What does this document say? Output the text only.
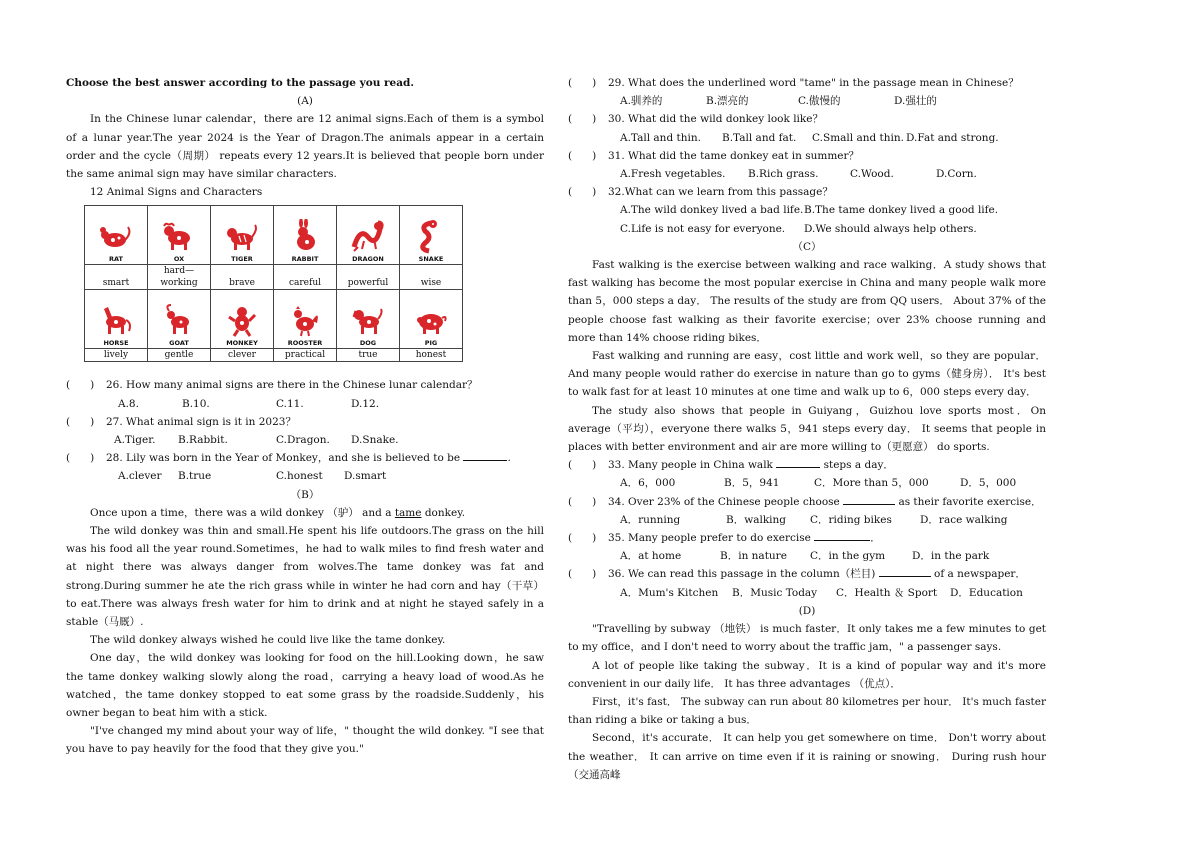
Choose the best answer according to the passage you read.

(A)

In the Chinese lunar calendar，there are 12 animal signs.Each of them is a symbol of a lunar year.The year 2024 is the Year of Dragon.The animals appear in a certain order and the cycle（周期） repeats every 12 years.It is believed that people born under the same animal sign may have similar characters.

12 Animal Signs and Characters

RAT	OX	TIGER	RABBIT	DRAGON	SNAKE

smart	hard—working	brave	careful	powerful	wise

HORSE	GOAT	MONKEY	ROOSTER	DOG	PIG

lively	gentle	clever	practical	true	honest

(      ) 26. How many animal signs are there in the Chinese lunar calendar？

A.8.	B.10.	C.11.	D.12.

(      ) 27. What animal sign is it in 2023？

A.Tiger. B.Rabbit.	C.Dragon. D.Snake.

(      ) 28. Lily was born in the Year of Monkey，and she is believed to be	.

A.clever B.true	C.honest D.smart

（B）

Once upon a time，there was a wild donkey （驴） and a tame donkey.

The wild donkey was thin and small.He spent his life outdoors.The grass on the hill was his food all the year round.Sometimes，he had to walk miles to find fresh water and at night there was always danger from wolves.The tame donkey was fat and strong.During summer he ate the rich grass while in winter he had corn and hay（干草） to eat.There was always fresh water for him to drink and at night he stayed safely in a stable（马厩）.

The wild donkey always wished he could live like the tame donkey.

One day，the wild donkey was looking for food on the hill.Looking down，he saw the tame donkey walking slowly along the road，carrying a heavy load of wood.As he watched，the tame donkey stopped to eat some grass by the roadside.Suddenly，his owner began to beat him with a stick.

"I've changed my mind about your way of life，" thought the wild donkey. "I see that you have to pay heavily for the food that they give you."

(      ) 29. What does the underlined word "tame" in the passage mean in Chinese？

A.驯养的	B.漂亮的	C.傲慢的	D.强壮的

(      ) 30. What did the wild donkey look like？

A.Tall and thin. B.Tall and fat. C.Small and thin. D.Fat and strong.

(      ) 31. What did the tame donkey eat in summer？

A.Fresh vegetables. B.Rich grass.	C.Wood.	D.Corn.

(      ) 32.What can we learn from this passage？

A.The wild donkey lived a bad life.B.The tame donkey lived a good life.

C.Life is not easy for everyone. D.We should always help others.

（C）

Fast walking is the exercise between walking and race walking．A study shows that fast walking has become the most popular exercise in China and many people walk more than 5，000 steps a day． The results of the study are from QQ users． About 37% of the people choose fast walking as their favorite exercise；over 23% choose running and more than 14% choose riding bikes．

Fast walking and running are easy，cost little and work well，so they are popular． And many people would rather do exercise in nature than go to gyms（健身房）． It's best to walk fast for at least 10 minutes at one time and walk up to 6，000 steps every day．

The study also shows that people in Guiyang，Guizhou love sports most．On average（平均），everyone there walks 5，941 steps every day． It seems that people in places with better environment and air are more willing to（更愿意） do sports.

(      ) 33. Many people in China walk	steps a day．

A．6，000	B．5，941	C．More than 5，000	D．5，000

(      ) 34. Over 23% of the Chinese people choose	as their favorite exercise．

A．running	B．walking C．riding bikes	D．race walking

(      ) 35. Many people prefer to do exercise	．

A．at home	B．in nature C．in the gym	D．in the park

(      ) 36. We can read this passage in the column（栏目)	of a newspaper．

A．Mum's Kitchen B．Music Today C．Health ＆ Sport D．Education

(D)

"Travelling by subway （地铁） is much faster．It only takes me a few minutes to get to my office，and I don't need to worry about the traffic jam，" a passenger says.

A lot of people like taking the subway．It is a kind of popular way and it's more convenient in our daily life． It has three advantages （优点）．

First，it's fast． The subway can run about 80 kilometres per hour． It's much faster than riding a bike or taking a bus．

Second，it's accurate． It can help you get somewhere on time． Don't worry about the weather． It can arrive on time even if it is raining or snowing． During rush hour （交通高峰
